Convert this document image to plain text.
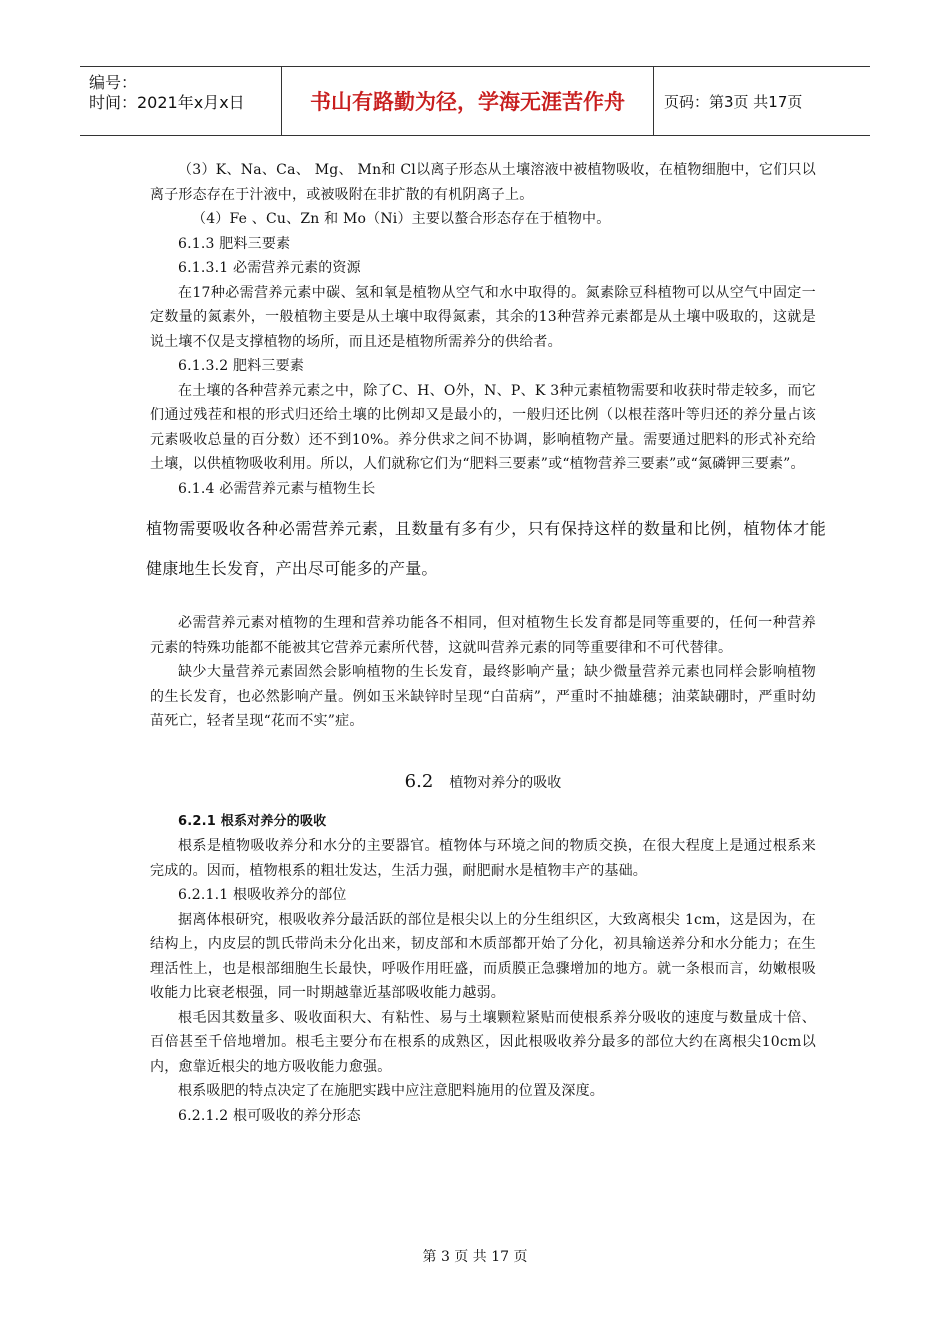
编号：
时间：2021年x月x日	书山有路勤为径，学海无涯苦作舟	页码：第3页 共17页

（3）K、Na、Ca、 Mg、 Mn和 Cl以离子形态从土壤溶液中被植物吸收，在植物细胞中，它们只以离子形态存在于汁液中，或被吸附在非扩散的有机阴离子上。

（4）Fe 、Cu、Zn 和 Mo（Ni）主要以螯合形态存在于植物中。

6.1.3 肥料三要素

6.1.3.1 必需营养元素的资源

在17种必需营养元素中碳、氢和氧是植物从空气和水中取得的。氮素除豆科植物可以从空气中固定一定数量的氮素外，一般植物主要是从土壤中取得氮素，其余的13种营养元素都是从土壤中吸取的，这就是说土壤不仅是支撑植物的场所，而且还是植物所需养分的供给者。

6.1.3.2 肥料三要素

在土壤的各种营养元素之中，除了C、H、O外，N、P、K 3种元素植物需要和收获时带走较多，而它们通过残茬和根的形式归还给土壤的比例却又是最小的，一般归还比例（以根茬落叶等归还的养分量占该元素吸收总量的百分数）还不到10%。养分供求之间不协调，影响植物产量。需要通过肥料的形式补充给土壤，以供植物吸收利用。所以，人们就称它们为“肥料三要素”或“植物营养三要素”或“氮磷钾三要素”。

6.1.4 必需营养元素与植物生长

植物需要吸收各种必需营养元素，且数量有多有少，只有保持这样的数量和比例，植物体才能健康地生长发育，产出尽可能多的产量。

必需营养元素对植物的生理和营养功能各不相同，但对植物生长发育都是同等重要的，任何一种营养元素的特殊功能都不能被其它营养元素所代替，这就叫营养元素的同等重要律和不可代替律。

缺少大量营养元素固然会影响植物的生长发育，最终影响产量；缺少微量营养元素也同样会影响植物的生长发育，也必然影响产量。例如玉米缺锌时呈现“白苗病”，严重时不抽雄穗；油菜缺硼时，严重时幼苗死亡，轻者呈现“花而不实”症。

6.2 植物对养分的吸收

6.2.1 根系对养分的吸收

根系是植物吸收养分和水分的主要器官。植物体与环境之间的物质交换，在很大程度上是通过根系来完成的。因而，植物根系的粗壮发达，生活力强，耐肥耐水是植物丰产的基础。

6.2.1.1 根吸收养分的部位

据离体根研究，根吸收养分最活跃的部位是根尖以上的分生组织区，大致离根尖 1cm，这是因为，在结构上，内皮层的凯氏带尚未分化出来，韧皮部和木质部都开始了分化，初具输送养分和水分能力；在生理活性上，也是根部细胞生长最快，呼吸作用旺盛，而质膜正急骤增加的地方。就一条根而言，幼嫩根吸收能力比衰老根强，同一时期越靠近基部吸收能力越弱。

根毛因其数量多、吸收面积大、有粘性、易与土壤颗粒紧贴而使根系养分吸收的速度与数量成十倍、百倍甚至千倍地增加。根毛主要分布在根系的成熟区，因此根吸收养分最多的部位大约在离根尖10cm以内，愈靠近根尖的地方吸收能力愈强。

根系吸肥的特点决定了在施肥实践中应注意肥料施用的位置及深度。

6.2.1.2 根可吸收的养分形态

第 3 页 共 17 页
